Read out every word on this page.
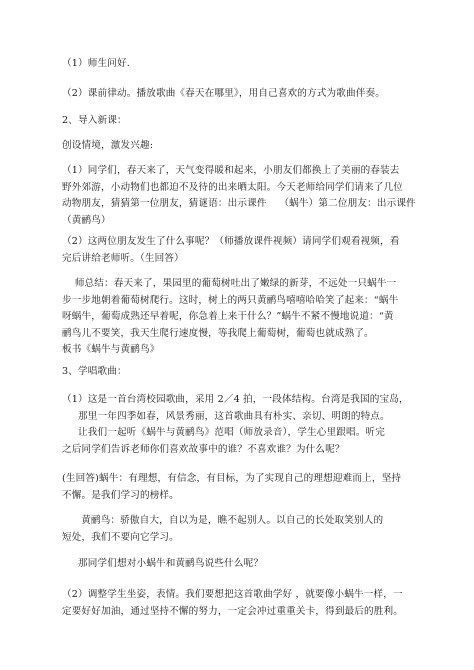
（1）师生问好.
（2）课前律动。播放歌曲《春天在哪里》，用自己喜欢的方式为歌曲伴奏。
2、导入新课：
创设情境，激发兴趣:
（1）同学们，春天来了，天气变得暖和起来，小朋友们都换上了美丽的春装去
野外郊游，小动物们也都迫不及待的出来晒太阳。今天老师给同学们请来了几位
动物朋友，猜猜第一位朋友，猜谜语：出示课件    （蜗牛）第二位朋友：出示课件
（黄鹂鸟）
（2）这两位朋友发生了什么事呢？（师播放课件视频）请同学们观看视频，看
完后讲给老师听。（生回答）
师总结：春天来了，果园里的葡萄树吐出了嫩绿的新芽，不远处一只蜗牛一
步一步地朝着葡萄树爬行。这时，树上的两只黄鹂鸟嘻嘻哈哈笑了起来：“蜗牛
呀蜗牛，葡萄成熟还早着呢，你急着上来干什么？”蜗牛不紧不慢地说道：“黄
鹂鸟儿不要笑，我天生爬行速度慢，等我爬上葡萄树，葡萄也就成熟了。
板书《蜗牛与黄鹂鸟》
3、学唱歌曲：
（1）这是一首台湾校园歌曲，采用 2／4 拍，一段体结构。台湾是我国的宝岛，
那里一年四季如春，风景秀丽，这首歌曲具有朴实、亲切、明朗的特点。
让我们一起听《蜗牛与黄鹂鸟》范唱（师放录音），学生心里跟唱。听完
之后同学们告诉老师你们喜欢故事中的谁？不喜欢谁？为什么呢？
(生回答)蜗牛：有理想，有信念，有目标，为了实现自己的理想迎难而上，坚持
不懈。是我们学习的榜样。
黄鹂鸟：骄傲自大，自以为是，瞧不起别人。以自己的长处取笑别人的
短处，我们不要向它学习。
那同学们想对小蜗牛和黄鹂鸟说些什么呢？
（2）调整学生坐姿，表情。我们要想把这首歌曲学好 ，就要像小蜗牛一样，一
定要好好加油，通过坚持不懈的努力，一定会冲过重重关卡，得到最后的胜利。
